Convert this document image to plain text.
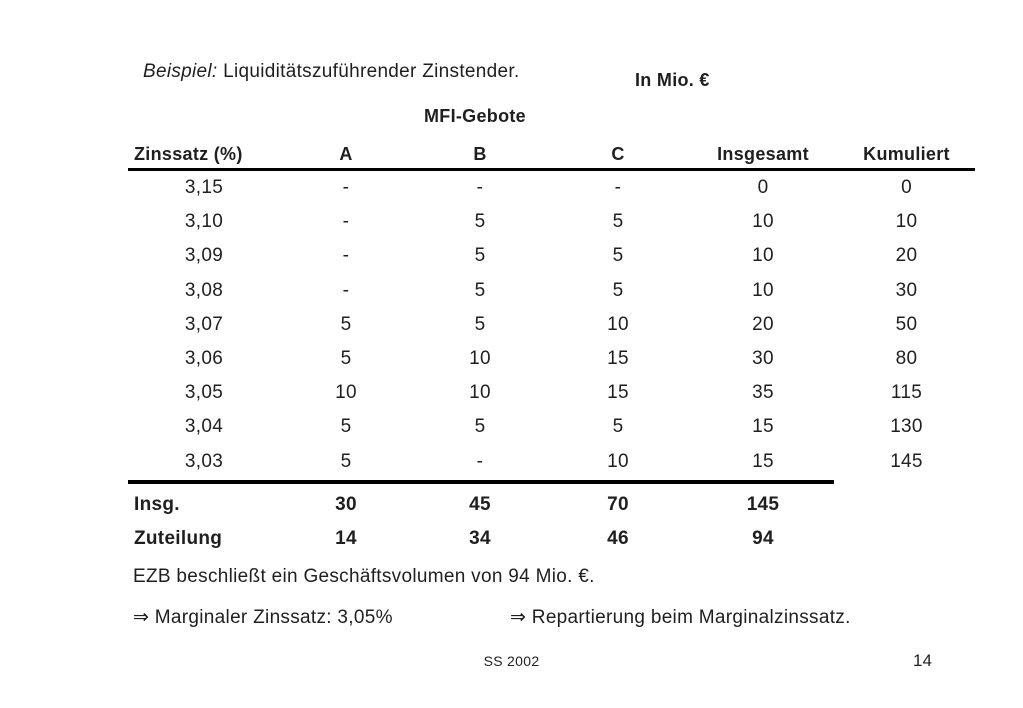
Beispiel: Liquiditätszuführender Zinstender.	In Mio. €
MFI-Gebote
Zinssatz (%)	A	B	C	Insgesamt	Kumuliert
3,15	-	-	-	0	0
3,10	-	5	5	10	10
3,09	-	5	5	10	20
3,08	-	5	5	10	30
3,07	5	5	10	20	50
3,06	5	10	15	30	80
3,05	10	10	15	35	115
3,04	5	5	5	15	130
3,03	5	-	10	15	145
Insg.	30	45	70	145
Zuteilung	14	34	46	94
EZB beschließt ein Geschäftsvolumen von 94 Mio. €.
⇒ Marginaler Zinssatz: 3,05%	⇒ Repartierung beim Marginalzinssatz.
SS 2002	14
